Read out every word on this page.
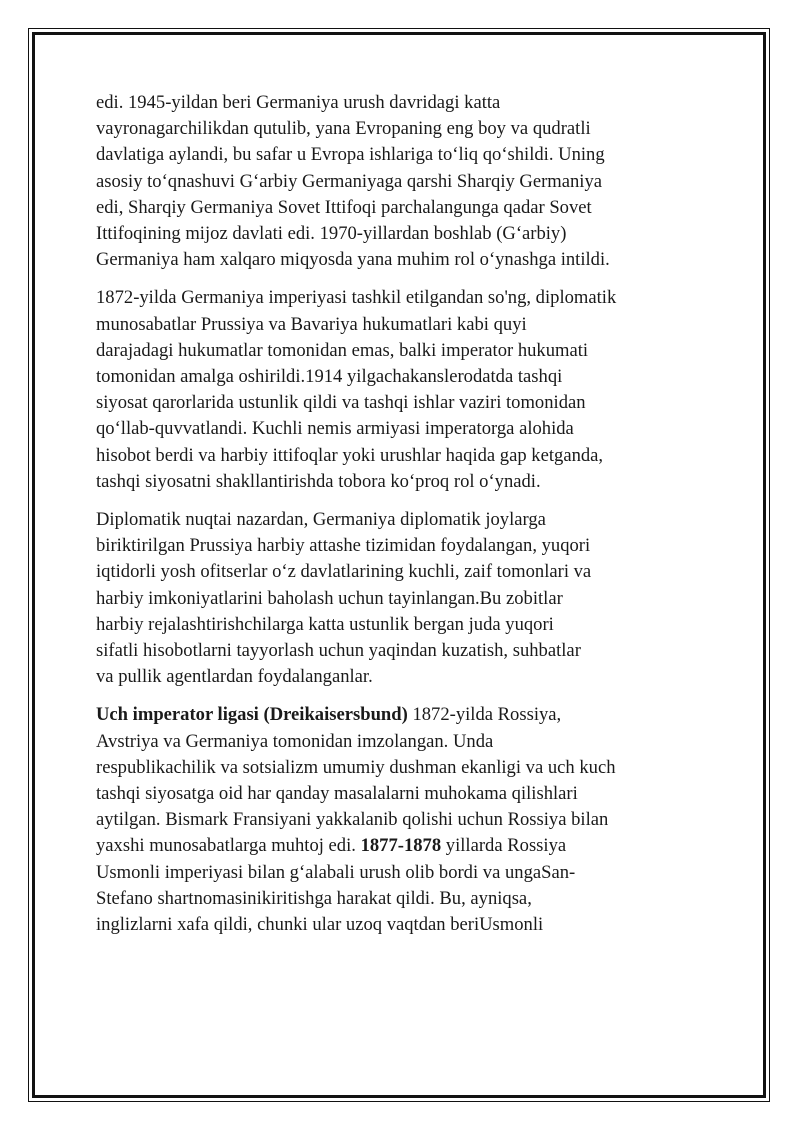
edi. 1945-yildan beri Germaniya urush davridagi katta
vayronagarchilikdan qutulib, yana Evropaning eng boy va qudratli
davlatiga aylandi, bu safar u Evropa ishlariga to‘liq qo‘shildi. Uning
asosiy to‘qnashuvi G‘arbiy Germaniyaga qarshi Sharqiy Germaniya
edi, Sharqiy Germaniya Sovet Ittifoqi parchalangunga qadar Sovet
Ittifoqining mijoz davlati edi. 1970-yillardan boshlab (G‘arbiy)
Germaniya ham xalqaro miqyosda yana muhim rol o‘ynashga intildi.

1872-yilda Germaniya imperiyasi tashkil etilgandan so'ng, diplomatik
munosabatlar Prussiya va Bavariya hukumatlari kabi quyi
darajadagi hukumatlar tomonidan emas, balki imperator hukumati
tomonidan amalga oshirildi.1914 yilgachakanslerodatda tashqi
siyosat qarorlarida ustunlik qildi va tashqi ishlar vaziri tomonidan
qo‘llab-quvvatlandi. Kuchli nemis armiyasi imperatorga alohida
hisobot berdi va harbiy ittifoqlar yoki urushlar haqida gap ketganda,
tashqi siyosatni shakllantirishda tobora ko‘proq rol o‘ynadi.

Diplomatik nuqtai nazardan, Germaniya diplomatik joylarga
biriktirilgan Prussiya harbiy attashe tizimidan foydalangan, yuqori
iqtidorli yosh ofitserlar o‘z davlatlarining kuchli, zaif tomonlari va
harbiy imkoniyatlarini baholash uchun tayinlangan.Bu zobitlar
harbiy rejalashtirishchilarga katta ustunlik bergan juda yuqori
sifatli hisobotlarni tayyorlash uchun yaqindan kuzatish, suhbatlar
va pullik agentlardan foydalanganlar.

Uch imperator ligasi (Dreikaisersbund) 1872-yilda Rossiya,
Avstriya va Germaniya tomonidan imzolangan. Unda
respublikachilik va sotsializm umumiy dushman ekanligi va uch kuch
tashqi siyosatga oid har qanday masalalarni muhokama qilishlari
aytilgan. Bismark Fransiyani yakkalanib qolishi uchun Rossiya bilan
yaxshi munosabatlarga muhtoj edi. 1877-1878 yillarda Rossiya
Usmonli imperiyasi bilan g‘alabali urush olib bordi va ungaSan-
Stefano shartnomasinikiritishga harakat qildi. Bu, ayniqsa,
inglizlarni xafa qildi, chunki ular uzoq vaqtdan beriUsmonli
